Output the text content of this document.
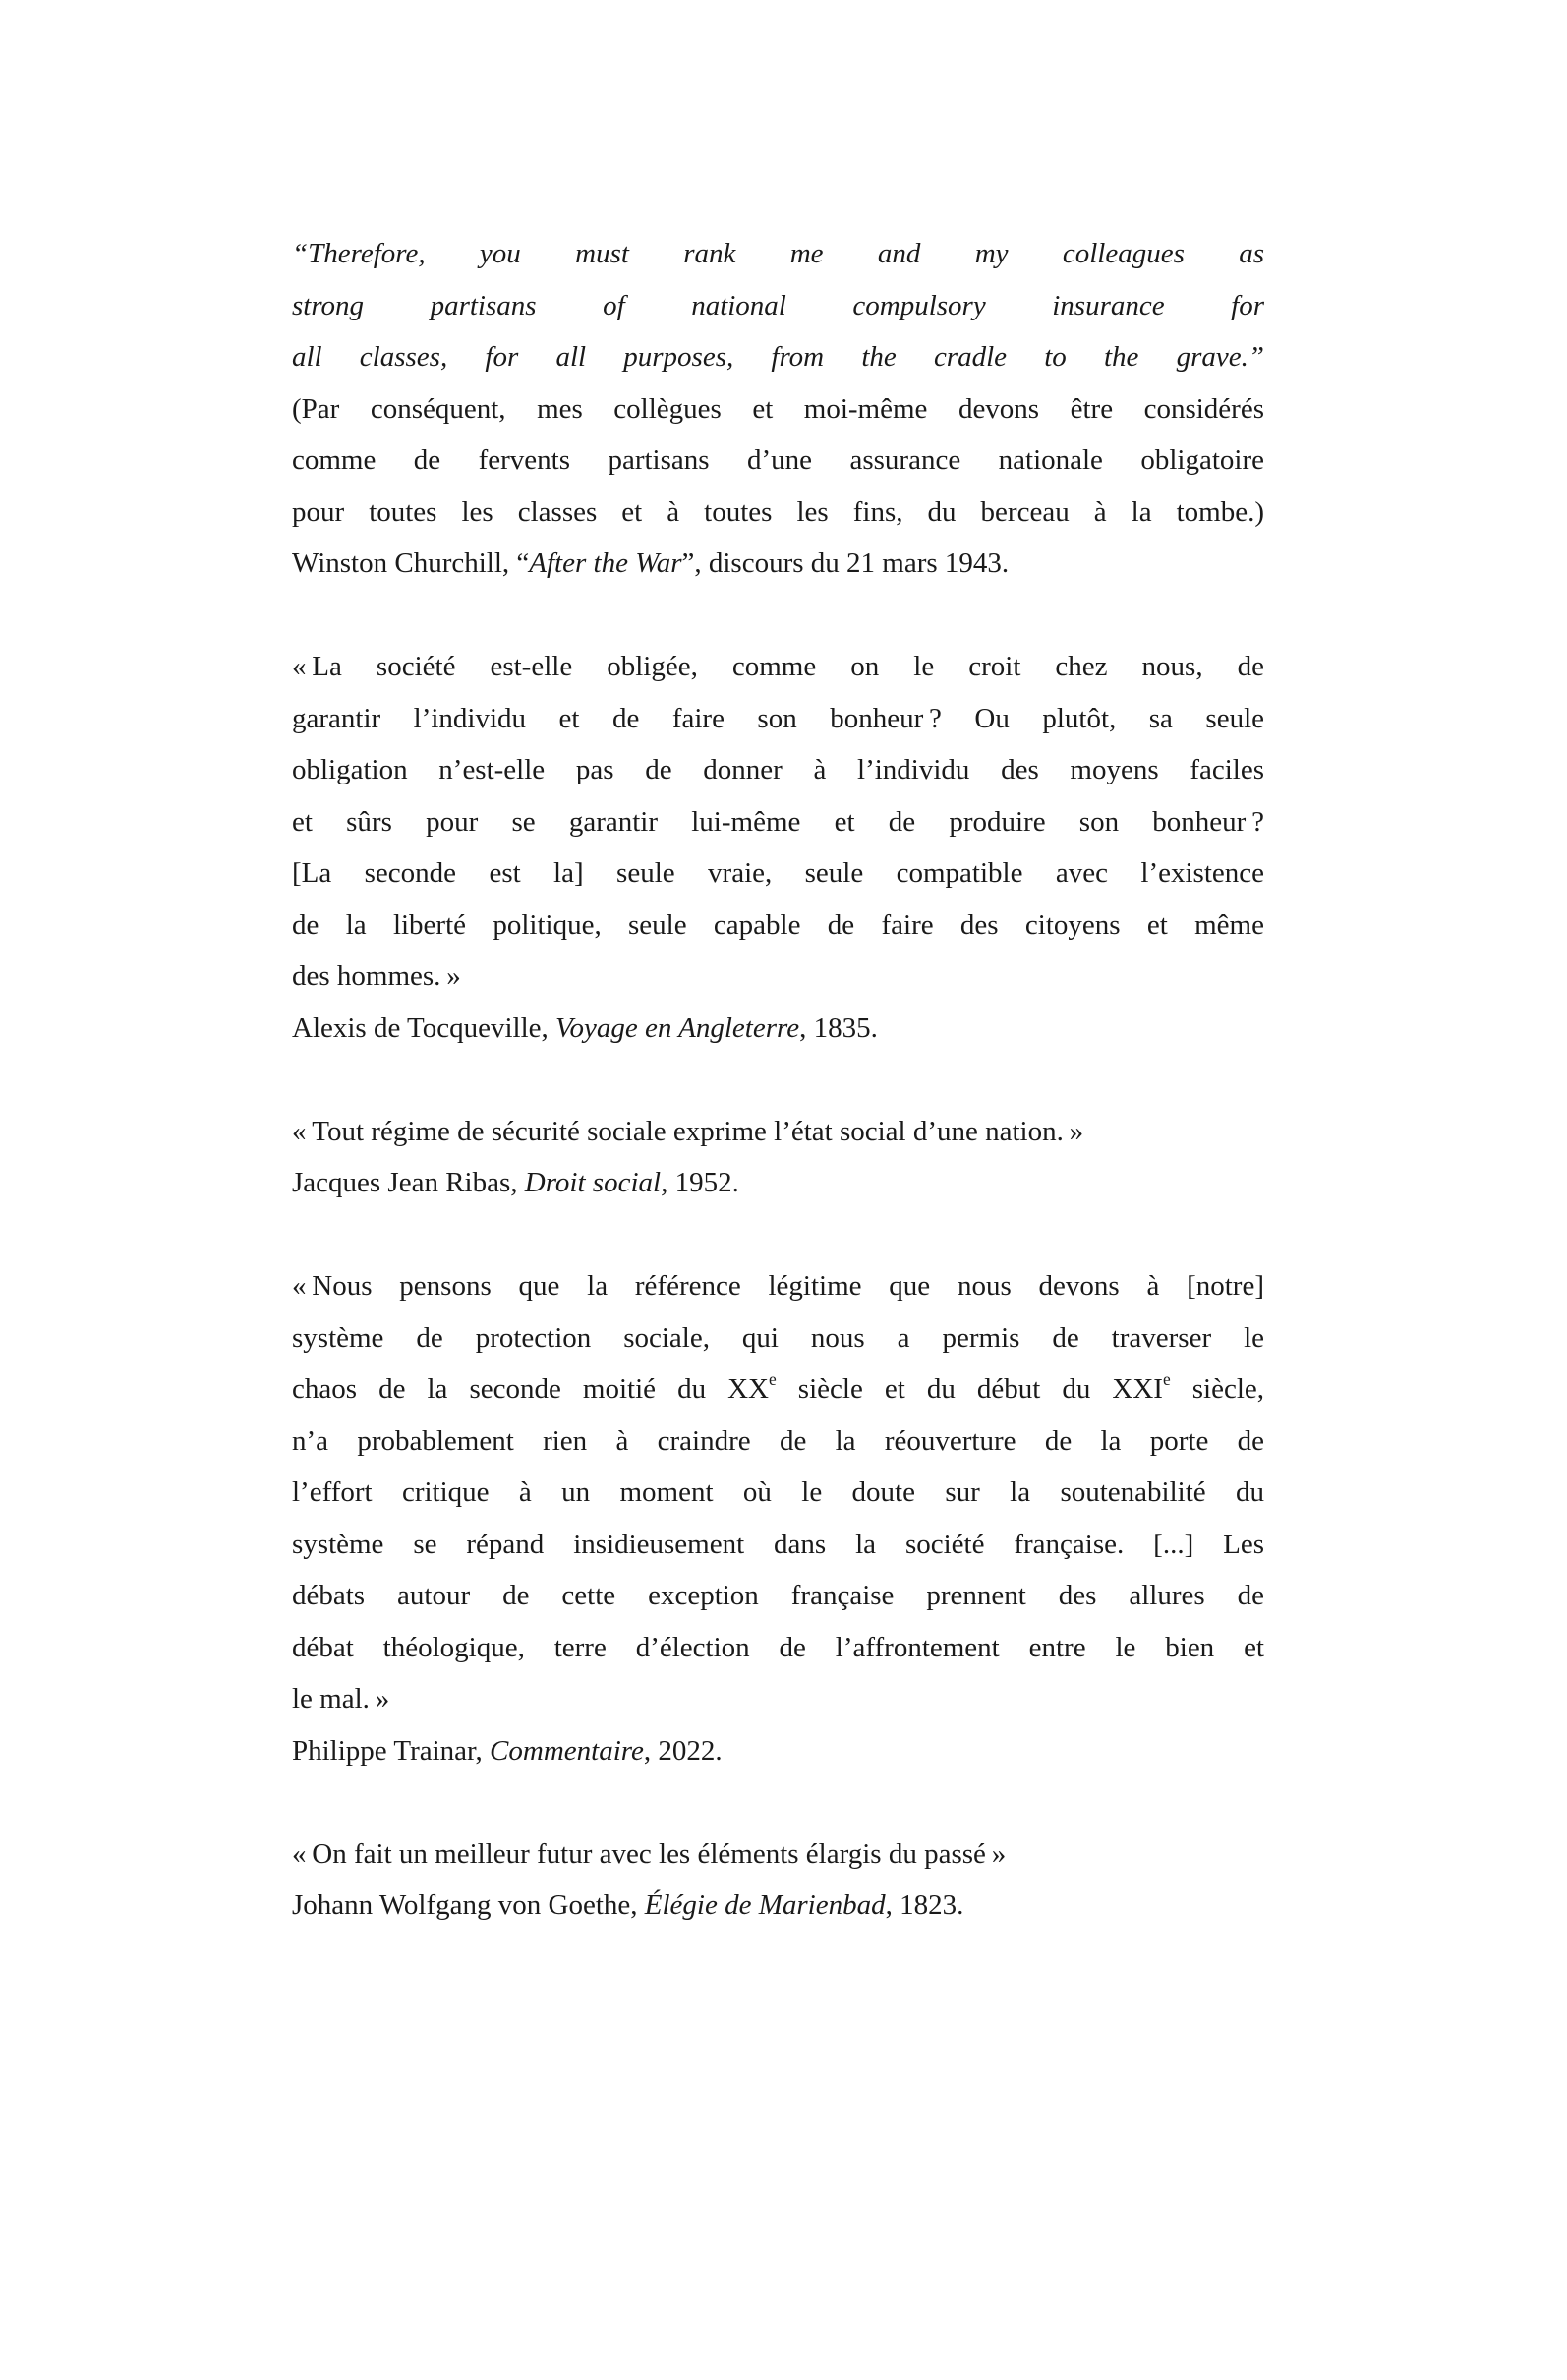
“Therefore, you must rank me and my colleagues as
strong partisans of national compulsory insurance for
all classes, for all purposes, from the cradle to the grave.”
(Par conséquent, mes collègues et moi-même devons être considérés
comme de fervents partisans d’une assurance nationale obligatoire
pour toutes les classes et à toutes les fins, du berceau à la tombe.)
Winston Churchill, “After the War”, discours du 21 mars 1943.
« La société est-elle obligée, comme on le croit chez nous, de
garantir l’individu et de faire son bonheur ? Ou plutôt, sa seule
obligation n’est-elle pas de donner à l’individu des moyens faciles
et sûrs pour se garantir lui-même et de produire son bonheur ?
[La seconde est la] seule vraie, seule compatible avec l’existence
de la liberté politique, seule capable de faire des citoyens et même
des hommes. »
Alexis de Tocqueville, Voyage en Angleterre, 1835.
« Tout régime de sécurité sociale exprime l’état social d’une nation. »
Jacques Jean Ribas, Droit social, 1952.
« Nous pensons que la référence légitime que nous devons à [notre]
système de protection sociale, qui nous a permis de traverser le
chaos de la seconde moitié du XXe siècle et du début du XXIe siècle,
n’a probablement rien à craindre de la réouverture de la porte de
l’effort critique à un moment où le doute sur la soutenabilité du
système se répand insidieusement dans la société française. [...] Les
débats autour de cette exception française prennent des allures de
débat théologique, terre d’élection de l’affrontement entre le bien et
le mal. »
Philippe Trainar, Commentaire, 2022.
« On fait un meilleur futur avec les éléments élargis du passé »
Johann Wolfgang von Goethe, Élégie de Marienbad, 1823.
